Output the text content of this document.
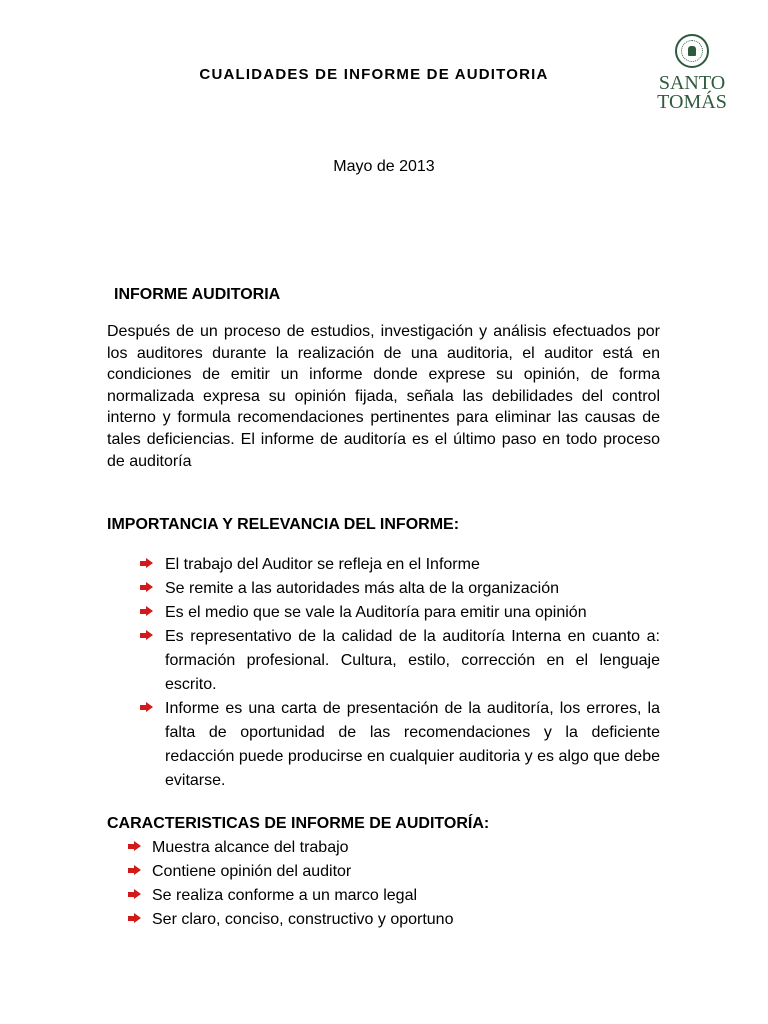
CUALIDADES DE INFORME DE AUDITORIA	SANTO
TOMÁS
Mayo de 2013
INFORME AUDITORIA
Después de un proceso de estudios, investigación y análisis efectuados por los auditores durante la realización de una auditoria, el auditor está en condiciones de emitir un informe donde exprese su opinión, de forma normalizada expresa su opinión fijada, señala las debilidades del control interno y formula recomendaciones pertinentes para eliminar las causas de tales deficiencias. El informe de auditoría es el último paso en todo proceso de auditoría
IMPORTANCIA Y RELEVANCIA DEL INFORME:
El trabajo del Auditor se refleja en el Informe
Se remite a las autoridades más alta de la organización
Es el medio que se vale la Auditoría para emitir una opinión
Es representativo de la calidad de la auditoría Interna en cuanto a: formación profesional. Cultura, estilo, corrección en el lenguaje escrito.
Informe es una carta de presentación de la auditoría, los errores, la falta de oportunidad de las recomendaciones y la deficiente redacción puede producirse en cualquier auditoria y es algo que debe evitarse.
CARACTERISTICAS DE INFORME DE AUDITORÍA:
Muestra alcance del trabajo
Contiene opinión del auditor
Se realiza conforme a un marco legal
Ser claro, conciso, constructivo y oportuno
